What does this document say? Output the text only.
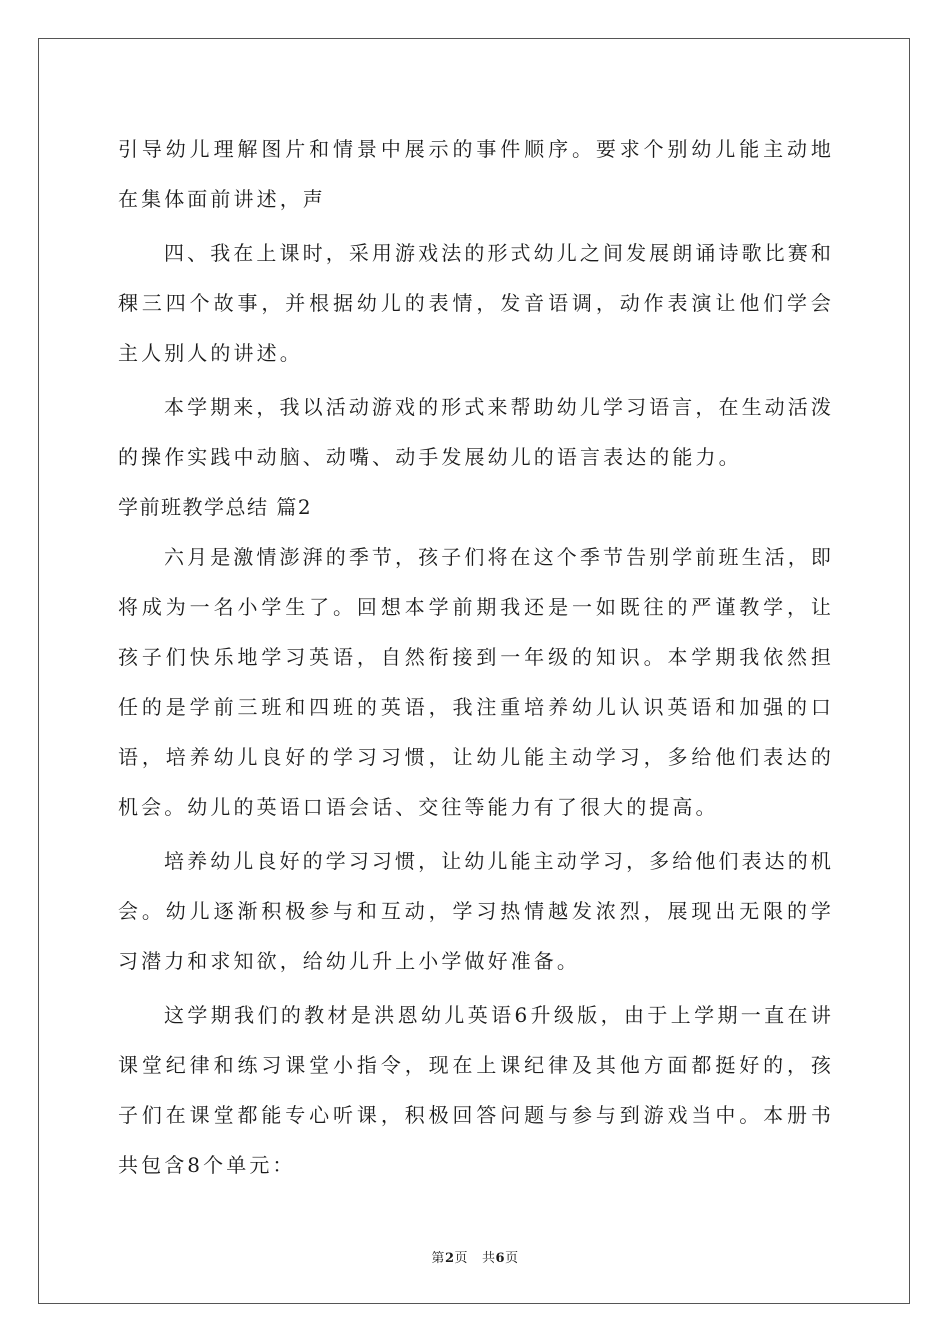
引导幼儿理解图片和情景中展示的事件顺序。要求个别幼儿能主动地在集体面前讲述，声

四、我在上课时，采用游戏法的形式幼儿之间发展朗诵诗歌比赛和稞三四个故事，并根据幼儿的表情，发音语调，动作表演让他们学会主人别人的讲述。

本学期来，我以活动游戏的形式来帮助幼儿学习语言，在生动活泼的操作实践中动脑、动嘴、动手发展幼儿的语言表达的能力。

学前班教学总结 篇2

六月是激情澎湃的季节，孩子们将在这个季节告别学前班生活，即将成为一名小学生了。回想本学前期我还是一如既往的严谨教学，让孩子们快乐地学习英语，自然衔接到一年级的知识。本学期我依然担任的是学前三班和四班的英语，我注重培养幼儿认识英语和加强的口语，培养幼儿良好的学习习惯，让幼儿能主动学习，多给他们表达的机会。幼儿的英语口语会话、交往等能力有了很大的提高。

培养幼儿良好的学习习惯，让幼儿能主动学习，多给他们表达的机会。幼儿逐渐积极参与和互动，学习热情越发浓烈，展现出无限的学习潜力和求知欲，给幼儿升上小学做好准备。

这学期我们的教材是洪恩幼儿英语6升级版，由于上学期一直在讲课堂纪律和练习课堂小指令，现在上课纪律及其他方面都挺好的，孩子们在课堂都能专心听课，积极回答问题与参与到游戏当中。本册书共包含8个单元：

第2页 共6页
